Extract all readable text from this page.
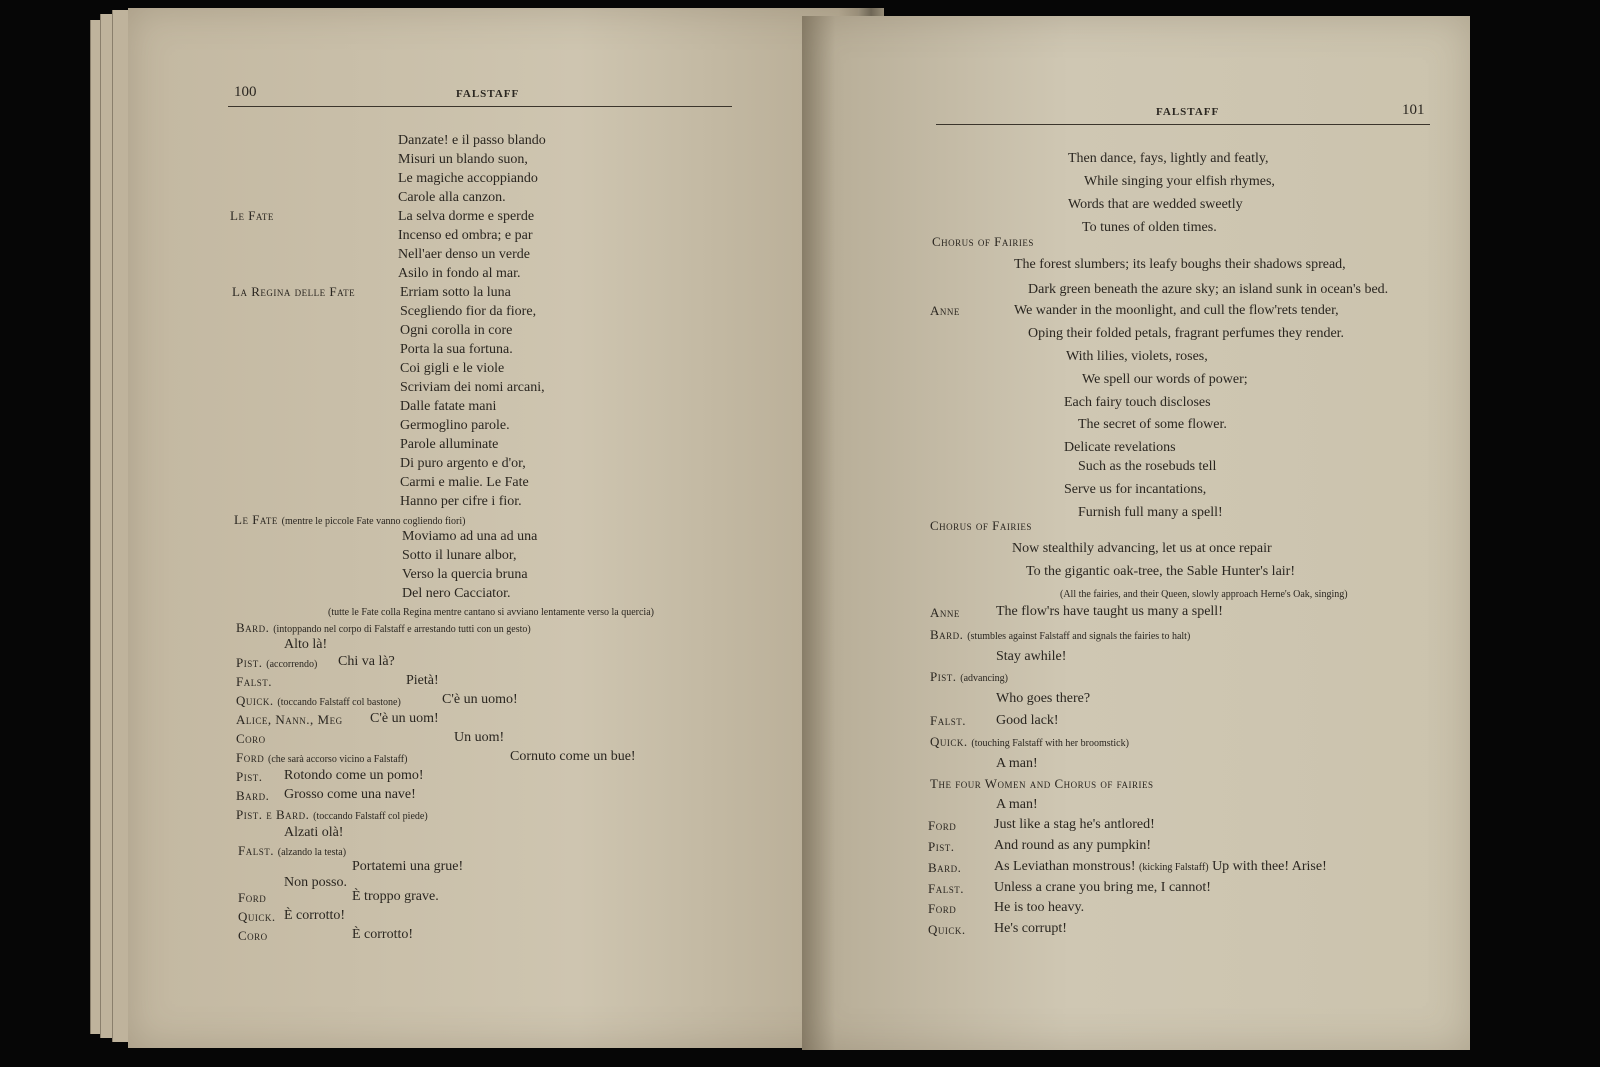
100	FALSTAFF
Danzate! e il passo blando
Misuri un blando suon,
Le magiche accoppiando
Carole alla canzon.
Le Fate	La selva dorme e sperde
Incenso ed ombra; e par
Nell'aer denso un verde
Asilo in fondo al mar.
La Regina delle Fate	Erriam sotto la luna
Scegliendo fior da fiore,
Ogni corolla in core
Porta la sua fortuna.
Coi gigli e le viole
Scriviam dei nomi arcani,
Dalle fatate mani
Germoglino parole.
Parole alluminate
Di puro argento e d'or,
Carmi e malie. Le Fate
Hanno per cifre i fior.
Le Fate (mentre le piccole Fate vanno cogliendo fiori)
Moviamo ad una ad una
Sotto il lunare albor,
Verso la quercia bruna
Del nero Cacciator.
(tutte le Fate colla Regina mentre cantano si avviano lentamente verso la quercia)
Bard. (intoppando nel corpo di Falstaff e arrestando tutti con un gesto)
Alto là!
Pist. (accorrendo) Chi va là?
Falst.	Pietà!
Quick. (toccando Falstaff col bastone)	C'è un uomo!
Alice, Nann., Meg C'è un uom!
Coro	Un uom!
Ford (che sarà accorso vicino a Falstaff)	Cornuto come un bue!
Pist. Rotondo come un pomo!
Bard. Grosso come una nave!
Pist. e Bard. (toccando Falstaff col piede)
Alzati olà!
Falst. (alzando la testa)
Portatemi una grue!
Non posso.
Ford	È troppo grave.
Quick. È corrotto!
Coro	È corrotto!
FALSTAFF	101
Then dance, fays, lightly and featly,
While singing your elfish rhymes,
Words that are wedded sweetly
To tunes of olden times.
Chorus of Fairies
The forest slumbers; its leafy boughs their shadows spread,
Dark green beneath the azure sky; an island sunk in ocean's bed.
Anne	We wander in the moonlight, and cull the flow'rets tender,
Oping their folded petals, fragrant perfumes they render.
With lilies, violets, roses,
We spell our words of power;
Each fairy touch discloses
The secret of some flower.
Delicate revelations
Such as the rosebuds tell
Serve us for incantations,
Furnish full many a spell!
Chorus of Fairies
Now stealthily advancing, let us at once repair
To the gigantic oak-tree, the Sable Hunter's lair!
(All the fairies, and their Queen, slowly approach Herne's Oak, singing)
Anne	The flow'rs have taught us many a spell!
Bard. (stumbles against Falstaff and signals the fairies to halt)
Stay awhile!
Pist. (advancing)
Who goes there?
Falst. Good lack!
Quick. (touching Falstaff with her broomstick)
A man!
The four Women and Chorus of fairies
A man!
Ford	Just like a stag he's antlored!
Pist.	And round as any pumpkin!
Bard. As Leviathan monstrous! (kicking Falstaff) Up with thee! Arise!
Falst. Unless a crane you bring me, I cannot!
Ford	He is too heavy.
Quick. He's corrupt!
